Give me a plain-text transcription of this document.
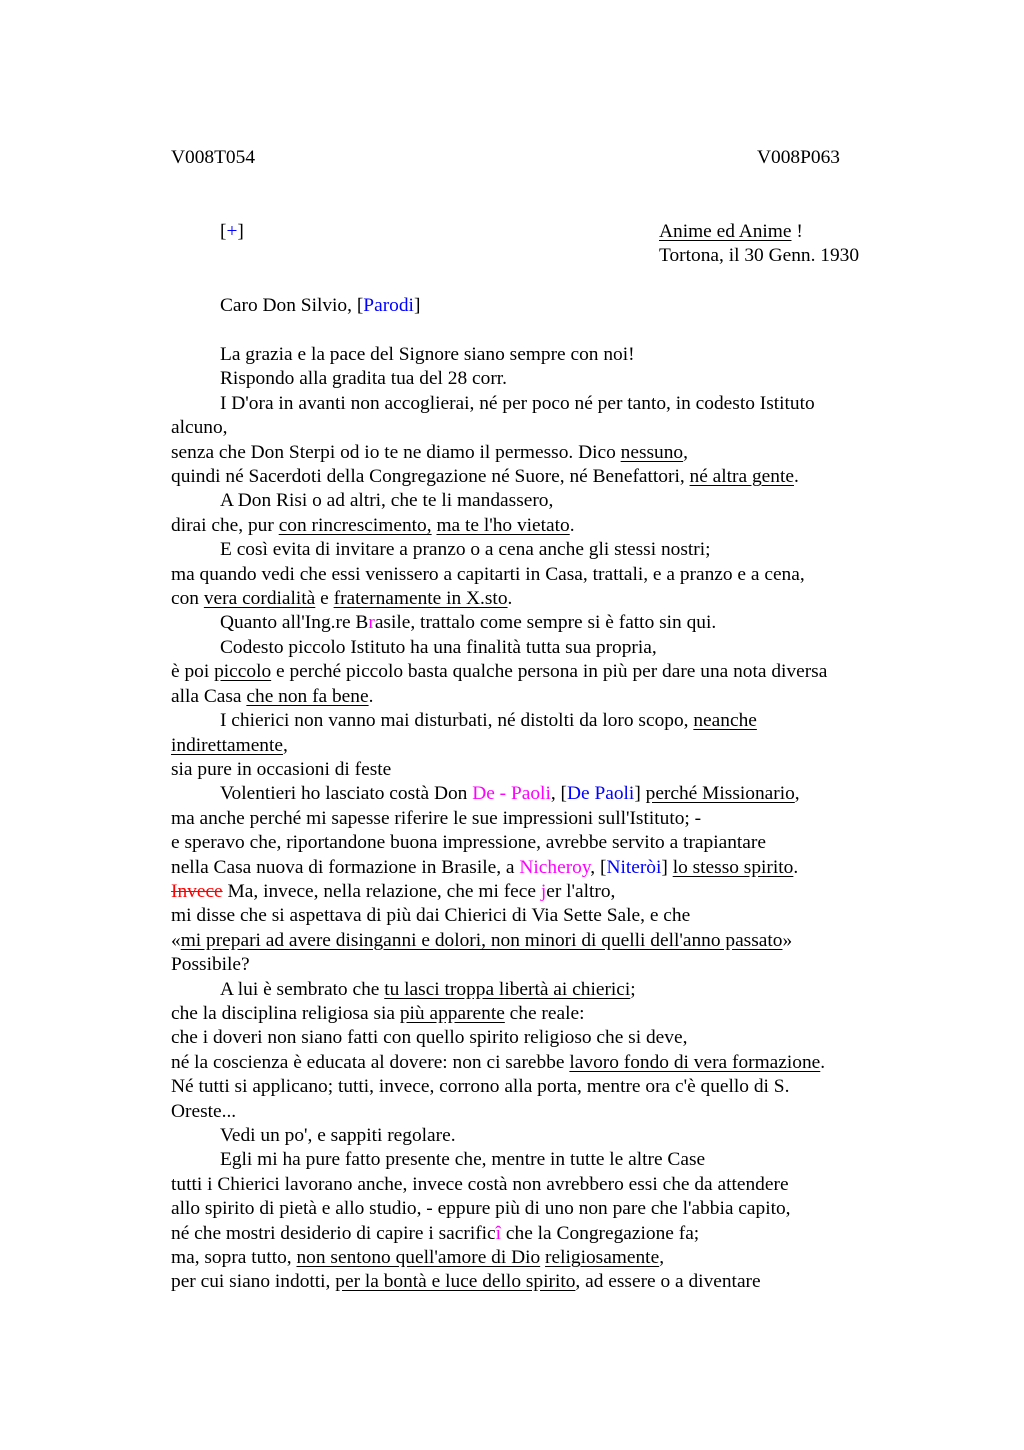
V008T054	V008P063
[+]	Anime ed Anime !
Tortona, il 30 Genn. 1930
Caro Don Silvio, [Parodi]
La grazia e la pace del Signore siano sempre con noi!
Rispondo alla gradita tua del 28 corr.
I D'ora in avanti non accoglierai, né per poco né per tanto, in codesto Istituto
alcuno,
senza che Don Sterpi od io te ne diamo il permesso. Dico nessuno,
quindi né Sacerdoti della Congregazione né Suore, né Benefattori, né altra gente.
A Don Risi o ad altri, che te li mandassero,
dirai che, pur con rincrescimento, ma te l'ho vietato.
E così evita di invitare a pranzo o a cena anche gli stessi nostri;
ma quando vedi che essi venissero a capitarti in Casa, trattali, e a pranzo e a cena,
con vera cordialità e fraternamente in X.sto.
Quanto all'Ing.re Brasile, trattalo come sempre si è fatto sin qui.
Codesto piccolo Istituto ha una finalità tutta sua propria,
è poi piccolo e perché piccolo basta qualche persona in più per dare una nota diversa
alla Casa che non fa bene.
I chierici non vanno mai disturbati, né distolti da loro scopo, neanche
indirettamente,
sia pure in occasioni di feste
Volentieri ho lasciato costà Don De - Paoli, [De Paoli] perché Missionario,
ma anche perché mi sapesse riferire le sue impressioni sull'Istituto; -
e speravo che, riportandone buona impressione, avrebbe servito a trapiantare
nella Casa nuova di formazione in Brasile, a Nicheroy, [Niteròi] lo stesso spirito.
Invece Ma, invece, nella relazione, che mi fece jer l'altro,
mi disse che si aspettava di più dai Chierici di Via Sette Sale, e che
«mi prepari ad avere disinganni e dolori, non minori di quelli dell'anno passato»
Possibile?
A lui è sembrato che tu lasci troppa libertà ai chierici;
che la disciplina religiosa sia più apparente che reale:
che i doveri non siano fatti con quello spirito religioso che si deve,
né la coscienza è educata al dovere: non ci sarebbe lavoro fondo di vera formazione.
Né tutti si applicano; tutti, invece, corrono alla porta, mentre ora c'è quello di S.
Oreste...
Vedi un po', e sappiti regolare.
Egli mi ha pure fatto presente che, mentre in tutte le altre Case
tutti i Chierici lavorano anche, invece costà non avrebbero essi che da attendere
allo spirito di pietà e allo studio, - eppure più di uno non pare che l'abbia capito,
né che mostri desiderio di capire i sacrificî che la Congregazione fa;
ma, sopra tutto, non sentono quell'amore di Dio religiosamente,
per cui siano indotti, per la bontà e luce dello spirito, ad essere o a diventare
